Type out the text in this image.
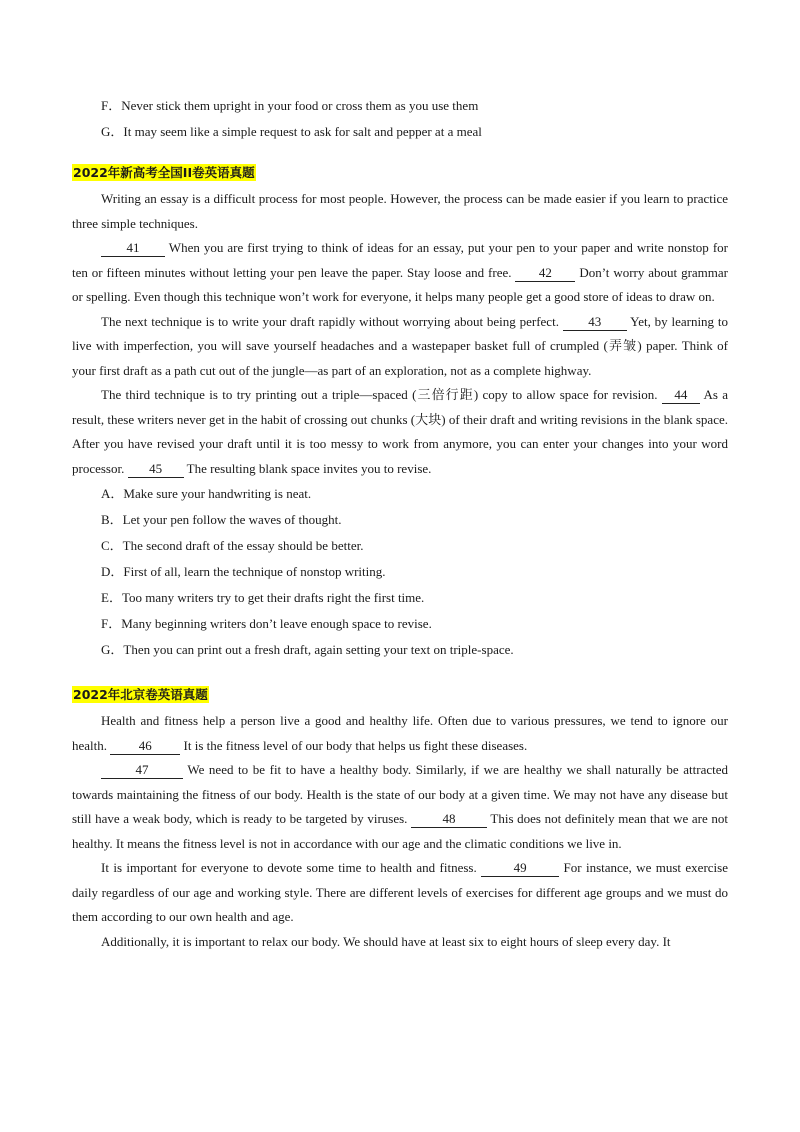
F．Never stick them upright in your food or cross them as you use them

G．It may seem like a simple request to ask for salt and pepper at a meal

2022年新高考全国II卷英语真题

Writing an essay is a difficult process for most people. However, the process can be made easier if you learn to practice three simple techniques.

41 When you are first trying to think of ideas for an essay, put your pen to your paper and write nonstop for ten or fifteen minutes without letting your pen leave the paper. Stay loose and free. 42 Don’t worry about grammar or spelling. Even though this technique won’t work for everyone, it helps many people get a good store of ideas to draw on.

The next technique is to write your draft rapidly without worrying about being perfect. 43 Yet, by learning to live with imperfection, you will save yourself headaches and a wastepaper basket full of crumpled (弄皱) paper. Think of your first draft as a path cut out of the jungle—as part of an exploration, not as a complete highway.

The third technique is to try printing out a triple—spaced (三倍行距) copy to allow space for revision. 44 As a result, these writers never get in the habit of crossing out chunks (大块) of their draft and writing revisions in the blank space. After you have revised your draft until it is too messy to work from anymore, you can enter your changes into your word processor. 45 The resulting blank space invites you to revise.

A．Make sure your handwriting is neat.

B．Let your pen follow the waves of thought.

C．The second draft of the essay should be better.

D．First of all, learn the technique of nonstop writing.

E．Too many writers try to get their drafts right the first time.

F．Many beginning writers don’t leave enough space to revise.

G．Then you can print out a fresh draft, again setting your text on triple-space.

2022年北京卷英语真题

Health and fitness help a person live a good and healthy life. Often due to various pressures, we tend to ignore our health. 46 It is the fitness level of our body that helps us fight these diseases.

47	We need to be fit to have a healthy body. Similarly, if we are healthy we shall naturally be attracted towards maintaining the fitness of our body. Health is the state of our body at a given time. We may not have any disease but still have a weak body, which is ready to be targeted by viruses. 48 This does not definitely mean that we are not healthy. It means the fitness level is not in accordance with our age and the climatic conditions we live in.

It is important for everyone to devote some time to health and fitness.	49	For instance, we must exercise daily regardless of our age and working style. There are different levels of exercises for different age groups and we must do them according to our own health and age.

Additionally, it is important to relax our body. We should have at least six to eight hours of sleep every day. It
